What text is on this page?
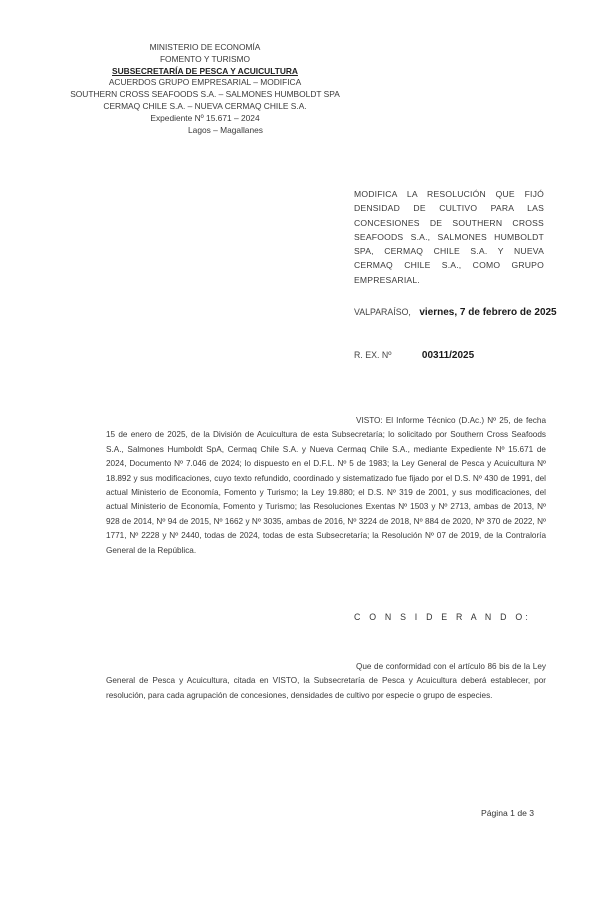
MINISTERIO DE ECONOMÍA
FOMENTO Y TURISMO
SUBSECRETARÍA DE PESCA Y ACUICULTURA
ACUERDOS GRUPO EMPRESARIAL – MODIFICA
SOUTHERN CROSS SEAFOODS S.A. – SALMONES HUMBOLDT SPA
CERMAQ CHILE S.A. – NUEVA CERMAQ CHILE S.A.
Expediente Nº 15.671 – 2024
Lagos – Magallanes
MODIFICA LA RESOLUCIÓN QUE FIJÓ DENSIDAD DE CULTIVO PARA LAS CONCESIONES DE SOUTHERN CROSS SEAFOODS S.A., SALMONES HUMBOLDT SPA, CERMAQ CHILE S.A. Y NUEVA CERMAQ CHILE S.A., COMO GRUPO EMPRESARIAL.
VALPARAÍSO, viernes, 7 de febrero de 2025
R. EX. Nº	00311/2025
VISTO: El Informe Técnico (D.Ac.) Nº 25, de fecha 15 de enero de 2025, de la División de Acuicultura de esta Subsecretaría; lo solicitado por Southern Cross Seafoods S.A., Salmones Humboldt SpA, Cermaq Chile S.A. y Nueva Cermaq Chile S.A., mediante Expediente Nº 15.671 de 2024, Documento Nº 7.046 de 2024; lo dispuesto en el D.F.L. Nº 5 de 1983; la Ley General de Pesca y Acuicultura Nº 18.892 y sus modificaciones, cuyo texto refundido, coordinado y sistematizado fue fijado por el D.S. Nº 430 de 1991, del actual Ministerio de Economía, Fomento y Turismo; la Ley 19.880; el D.S. Nº 319 de 2001, y sus modificaciones, del actual Ministerio de Economía, Fomento y Turismo; las Resoluciones Exentas Nº 1503 y Nº 2713, ambas de 2013, Nº 928 de 2014, Nº 94 de 2015, Nº 1662 y Nº 3035, ambas de 2016, Nº 3224 de 2018, Nº 884 de 2020, Nº 370 de 2022, Nº 1771, Nº 2228 y Nº 2440, todas de 2024, todas de esta Subsecretaría; la Resolución Nº 07 de 2019, de la Contraloría General de la República.
C O N S I D E R A N D O:
Que de conformidad con el artículo 86 bis de la Ley General de Pesca y Acuicultura, citada en VISTO, la Subsecretaría de Pesca y Acuicultura deberá establecer, por resolución, para cada agrupación de concesiones, densidades de cultivo por especie o grupo de especies.
Página 1 de 3
